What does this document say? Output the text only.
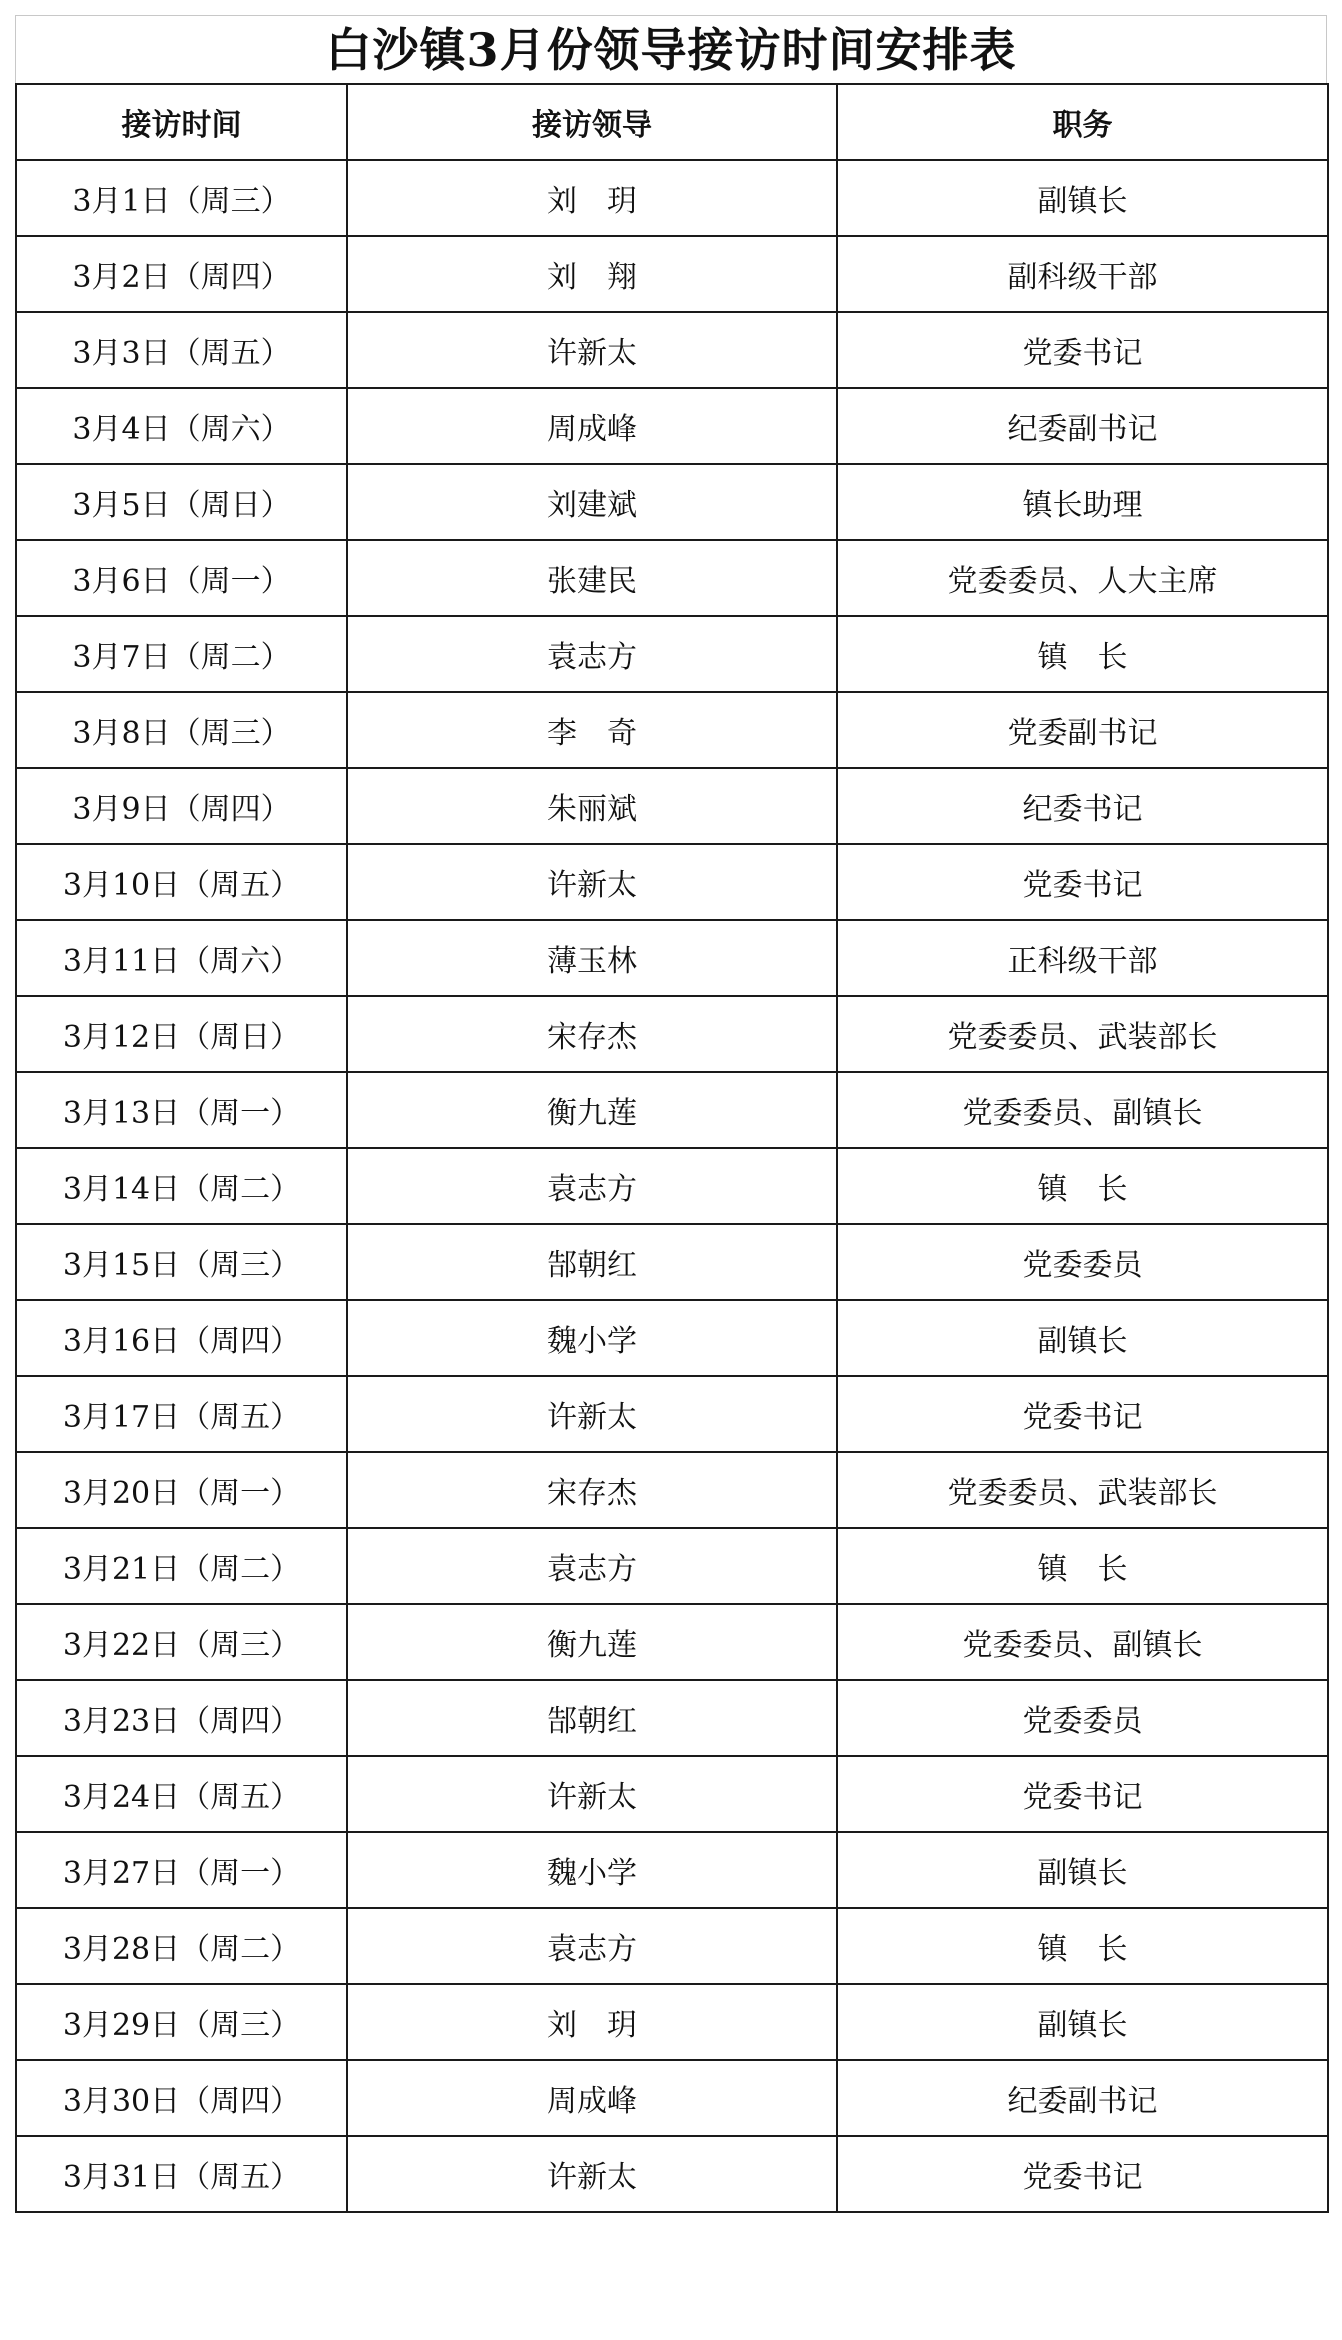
白沙镇3月份领导接访时间安排表
接访时间	接访领导	职务
3月1日（周三）	刘　玥	副镇长
3月2日（周四）	刘　翔	副科级干部
3月3日（周五）	许新太	党委书记
3月4日（周六）	周成峰	纪委副书记
3月5日（周日）	刘建斌	镇长助理
3月6日（周一）	张建民	党委委员、人大主席
3月7日（周二）	袁志方	镇　长
3月8日（周三）	李　奇	党委副书记
3月9日（周四）	朱丽斌	纪委书记
3月10日（周五）	许新太	党委书记
3月11日（周六）	薄玉林	正科级干部
3月12日（周日）	宋存杰	党委委员、武装部长
3月13日（周一）	衡九莲	党委委员、副镇长
3月14日（周二）	袁志方	镇　长
3月15日（周三）	郜朝红	党委委员
3月16日（周四）	魏小学	副镇长
3月17日（周五）	许新太	党委书记
3月20日（周一）	宋存杰	党委委员、武装部长
3月21日（周二）	袁志方	镇　长
3月22日（周三）	衡九莲	党委委员、副镇长
3月23日（周四）	郜朝红	党委委员
3月24日（周五）	许新太	党委书记
3月27日（周一）	魏小学	副镇长
3月28日（周二）	袁志方	镇　长
3月29日（周三）	刘　玥	副镇长
3月30日（周四）	周成峰	纪委副书记
3月31日（周五）	许新太	党委书记
